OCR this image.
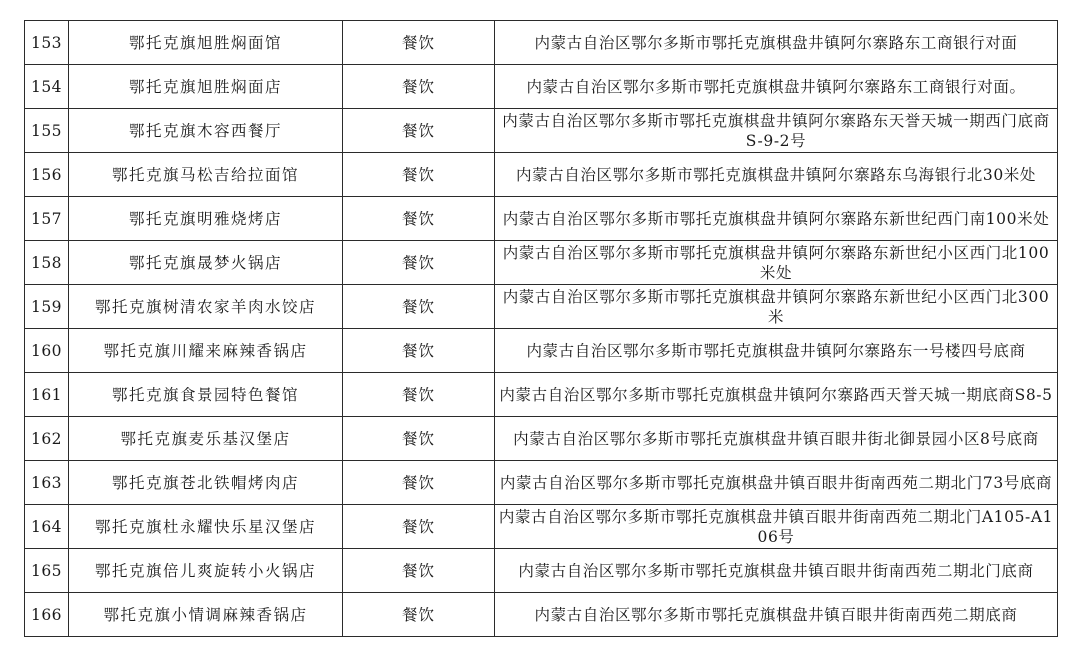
153	鄂托克旗旭胜焖面馆	餐饮	内蒙古自治区鄂尔多斯市鄂托克旗棋盘井镇阿尔寨路东工商银行对面
154	鄂托克旗旭胜焖面店	餐饮	内蒙古自治区鄂尔多斯市鄂托克旗棋盘井镇阿尔寨路东工商银行对面。
155	鄂托克旗木容西餐厅	餐饮	内蒙古自治区鄂尔多斯市鄂托克旗棋盘井镇阿尔寨路东天誉天城一期西门底商S-9-2号
156	鄂托克旗马松吉给拉面馆	餐饮	内蒙古自治区鄂尔多斯市鄂托克旗棋盘井镇阿尔寨路东乌海银行北30米处
157	鄂托克旗明雅烧烤店	餐饮	内蒙古自治区鄂尔多斯市鄂托克旗棋盘井镇阿尔寨路东新世纪西门南100米处
158	鄂托克旗晟梦火锅店	餐饮	内蒙古自治区鄂尔多斯市鄂托克旗棋盘井镇阿尔寨路东新世纪小区西门北100米处
159	鄂托克旗树清农家羊肉水饺店	餐饮	内蒙古自治区鄂尔多斯市鄂托克旗棋盘井镇阿尔寨路东新世纪小区西门北300米
160	鄂托克旗川耀来麻辣香锅店	餐饮	内蒙古自治区鄂尔多斯市鄂托克旗棋盘井镇阿尔寨路东一号楼四号底商
161	鄂托克旗食景园特色餐馆	餐饮	内蒙古自治区鄂尔多斯市鄂托克旗棋盘井镇阿尔寨路西天誉天城一期底商S8-5
162	鄂托克旗麦乐基汉堡店	餐饮	内蒙古自治区鄂尔多斯市鄂托克旗棋盘井镇百眼井街北御景园小区8号底商
163	鄂托克旗苍北铁帽烤肉店	餐饮	内蒙古自治区鄂尔多斯市鄂托克旗棋盘井镇百眼井街南西苑二期北门73号底商
164	鄂托克旗杜永耀快乐星汉堡店	餐饮	内蒙古自治区鄂尔多斯市鄂托克旗棋盘井镇百眼井街南西苑二期北门A105-A106号
165	鄂托克旗倍儿爽旋转小火锅店	餐饮	内蒙古自治区鄂尔多斯市鄂托克旗棋盘井镇百眼井街南西苑二期北门底商
166	鄂托克旗小情调麻辣香锅店	餐饮	内蒙古自治区鄂尔多斯市鄂托克旗棋盘井镇百眼井街南西苑二期底商
